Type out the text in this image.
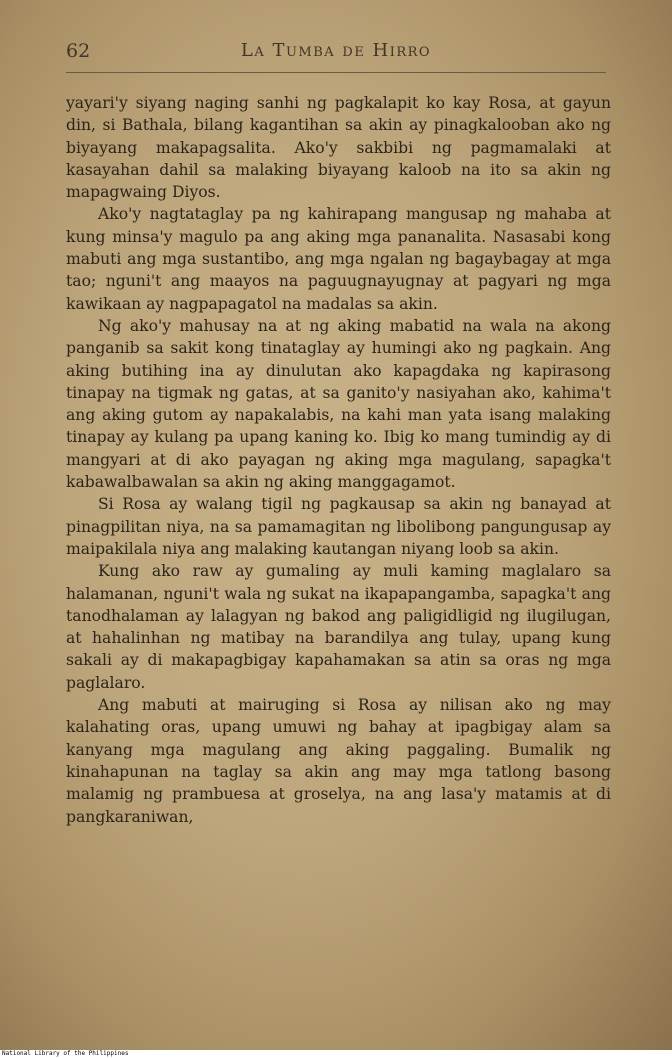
62	La Tumba de Hirro

yayari'y siyang naging sanhi ng pagkalapit ko kay Rosa, at gayun din, si Bathala, bilang kagantihan sa akin ay pinagkalooban ako ng biyayang makapagsalita. Ako'y sakbibi ng pagmamalaki at kasayahan dahil sa malaking biyayang kaloob na ito sa akin ng mapagwaing Diyos.

Ako'y nagtataglay pa ng kahirapang mangusap ng mahaba at kung minsa'y magulo pa ang aking mga pananalita. Nasasabi kong mabuti ang mga sustantibo, ang mga ngalan ng bagaybagay at mga tao; nguni't ang maayos na paguugnayugnay at pagyari ng mga kawikaan ay nagpapagatol na madalas sa akin.

Ng ako'y mahusay na at ng aking mabatid na wala na akong panganib sa sakit kong tinataglay ay humingi ako ng pagkain. Ang aking butihing ina ay dinulutan ako kapagdaka ng kapirasong tinapay na tigmak ng gatas, at sa ganito'y nasiyahan ako, kahima't ang aking gutom ay napakalabis, na kahi man yata isang malaking tinapay ay kulang pa upang kaning ko. Ibig ko mang tumindig ay di mangyari at di ako payagan ng aking mga magulang, sapagka't kabawalbawalan sa akin ng aking manggagamot.

Si Rosa ay walang tigil ng pagkausap sa akin ng banayad at pinagpilitan niya, na sa pamamagitan ng libolibong pangungusap ay maipakilala niya ang malaking kautangan niyang loob sa akin.

Kung ako raw ay gumaling ay muli kaming maglalaro sa halamanan, nguni't wala ng sukat na ikapapangamba, sapagka't ang tanodhalaman ay lalagyan ng bakod ang paligidligid ng ilugilugan, at hahalinhan ng matibay na barandilya ang tulay, upang kung sakali ay di makapagbigay kapahamakan sa atin sa oras ng mga paglalaro.

Ang mabuti at mairuging si Rosa ay nilisan ako ng may kalahating oras, upang umuwi ng bahay at ipagbigay alam sa kanyang mga magulang ang aking paggaling. Bumalik ng kinahapunan na taglay sa akin ang may mga tatlong basong malamig ng prambuesa at groselya, na ang lasa'y matamis at di pangkaraniwan,

National Library of the Philippines
